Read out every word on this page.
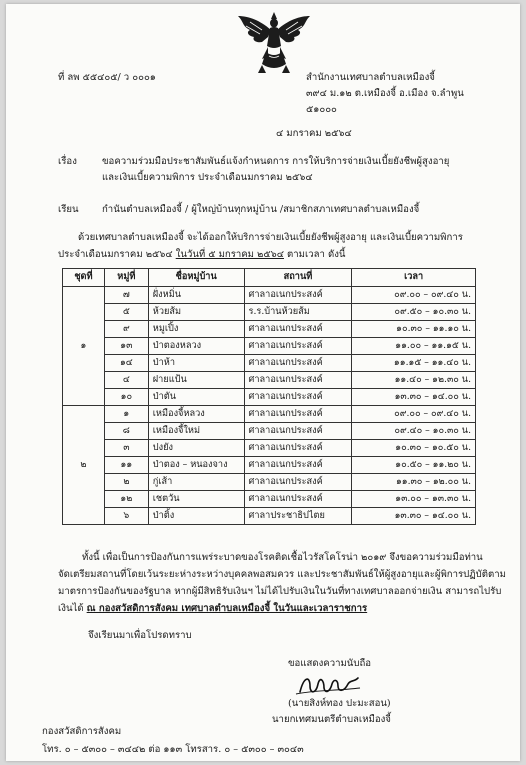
ที่ ลพ ๕๕๔๐๕/ ว ๐๐๐๑	สำนักงานเทศบาลตำบลเหมืองจี้
๓๙๔ ม.๑๒ ต.เหมืองจี้ อ.เมือง จ.ลำพูน
๕๑๐๐๐
๔ มกราคม ๒๕๖๔
เรื่อง	ขอความร่วมมือประชาสัมพันธ์แจ้งกำหนดการ การให้บริการจ่ายเงินเบี้ยยังชีพผู้สูงอายุ
และเงินเบี้ยความพิการ ประจำเดือนมกราคม ๒๕๖๔
เรียน กำนันตำบลเหมืองจี้ / ผู้ใหญ่บ้านทุกหมู่บ้าน /สมาชิกสภาเทศบาลตำบลเหมืองจี้
ด้วยเทศบาลตำบลเหมืองจี้ จะได้ออกให้บริการจ่ายเงินเบี้ยยังชีพผู้สูงอายุ และเงินเบี้ยความพิการ
ประจำเดือนมกราคม ๒๕๖๔ ในวันที่ ๕ มกราคม ๒๕๖๔ ตามเวลา ดังนี้
ชุดที่	หมู่ที่	ชื่อหมู่บ้าน	สถานที่	เวลา
๑	๗	ฝั่งหมิ่น	ศาลาอเนกประสงค์	๐๙.๐๐ – ๐๙.๔๐ น.
	๕	ห้วยส้ม	ร.ร.บ้านห้วยส้ม	๐๙.๕๐ – ๑๐.๓๐ น.
	๙	หมูเปิ้ง	ศาลาอเนกประสงค์	๑๐.๓๐ – ๑๑.๑๐ น.
	๑๓	ป่าตองหลวง	ศาลาอเนกประสงค์	๑๑.๐๐ – ๑๑.๑๕ น.
	๑๔	ป่าห้า	ศาลาอเนกประสงค์	๑๑.๑๕ – ๑๑.๔๐ น.
	๔	ฝายแป้น	ศาลาอเนกประสงค์	๑๑.๔๐ – ๑๒.๓๐ น.
	๑๐	ป่าตัน	ศาลาอเนกประสงค์	๑๓.๓๐ – ๑๔.๐๐ น.
๒	๑	เหมืองจี้หลวง	ศาลาอเนกประสงค์	๐๙.๐๐ – ๐๙.๔๐ น.
	๘	เหมืองจี้ใหม่	ศาลาอเนกประสงค์	๐๙.๔๐ – ๑๐.๓๐ น.
	๓	ปงยัง	ศาลาอเนกประสงค์	๑๐.๓๐ – ๑๐.๕๐ น.
	๑๑	ป่าตอง – หนองจาง	ศาลาอเนกประสงค์	๑๐.๕๐ – ๑๑.๒๐ น.
	๒	กู่เส้า	ศาลาอเนกประสงค์	๑๑.๓๐ – ๑๒.๐๐ น.
	๑๒	เชตวัน	ศาลาอเนกประสงค์	๑๓.๐๐ – ๑๓.๓๐ น.
	๖	ป่าติ้ง	ศาลาประชาธิปไตย	๑๓.๓๐ – ๑๔.๐๐ น.
ทั้งนี้ เพื่อเป็นการป้องกันการแพร่ระบาดของโรคติดเชื้อไวรัสโคโรน่า ๒๐๑๙ จึงขอความร่วมมือท่าน
จัดเตรียมสถานที่โดยเว้นระยะห่างระหว่างบุคคลพอสมควร และประชาสัมพันธ์ให้ผู้สูงอายุและผู้พิการปฏิบัติตาม
มาตรการป้องกันของรัฐบาล หากผู้มีสิทธิรับเงินฯ ไม่ได้ไปรับเงินในวันที่ทางเทศบาลออกจ่ายเงิน สามารถไปรับ
เงินได้ ณ กองสวัสดิการสังคม เทศบาลตำบลเหมืองจี้ ในวันและเวลาราชการ
จึงเรียนมาเพื่อโปรดทราบ
ขอแสดงความนับถือ
(นายสิงห์ทอง ปะมะสอน)
นายกเทศมนตรีตำบลเหมืองจี้
กองสวัสดิการสังคม
โทร. ๐ – ๕๓๐๐ – ๓๔๔๒ ต่อ ๑๑๓ โทรสาร. ๐ – ๕๓๐๐ – ๓๐๔๓
